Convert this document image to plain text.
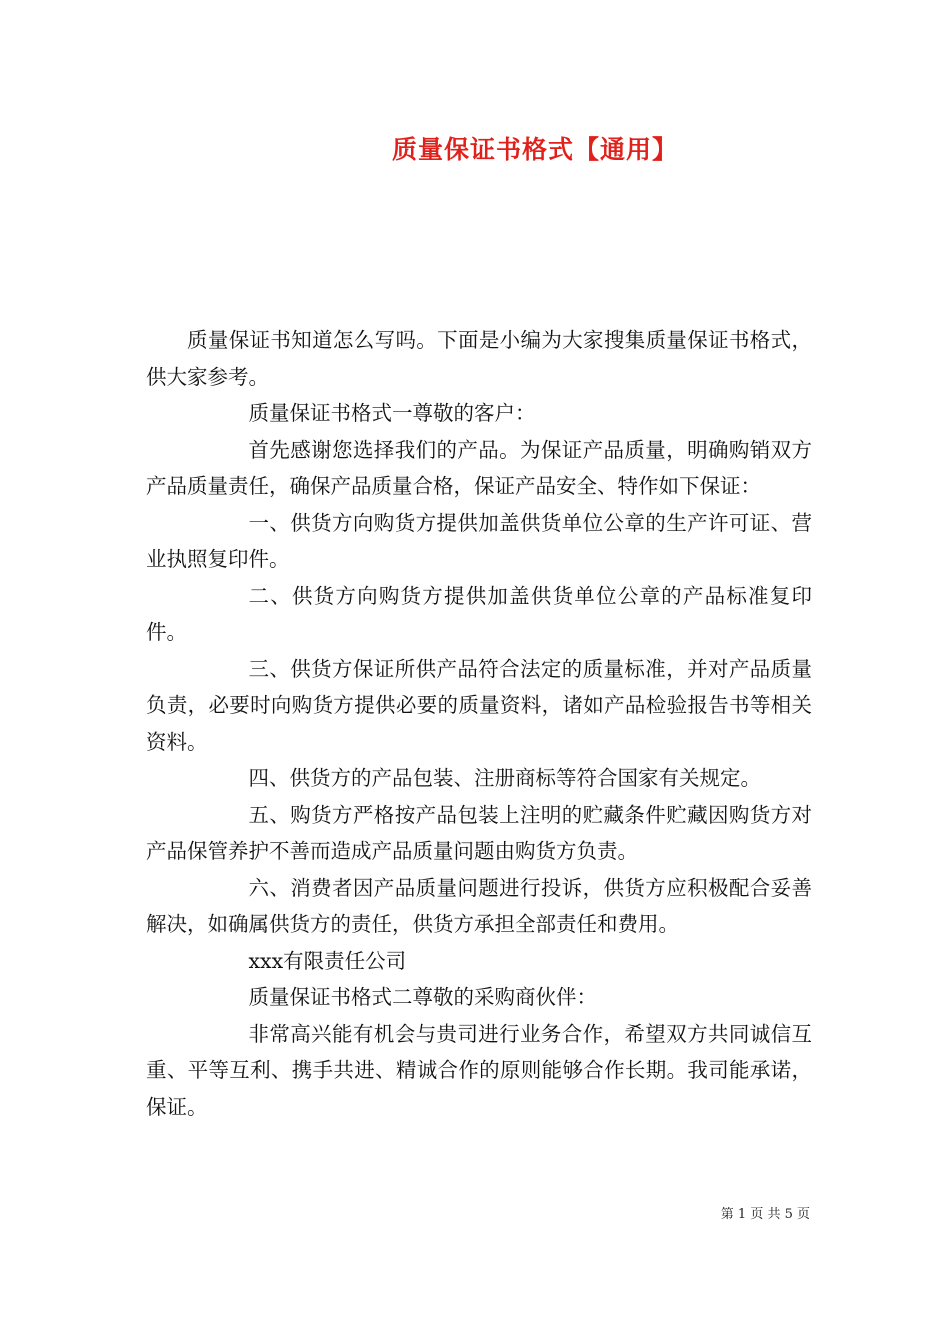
质量保证书格式【通用】

质量保证书知道怎么写吗。下面是小编为大家搜集质量保证书格式，供大家参考。

质量保证书格式一尊敬的客户：

首先感谢您选择我们的产品。为保证产品质量，明确购销双方产品质量责任，确保产品质量合格，保证产品安全、特作如下保证：

一、供货方向购货方提供加盖供货单位公章的生产许可证、营业执照复印件。

二、供货方向购货方提供加盖供货单位公章的产品标准复印件。

三、供货方保证所供产品符合法定的质量标准，并对产品质量负责，必要时向购货方提供必要的质量资料，诸如产品检验报告书等相关资料。

四、供货方的产品包装、注册商标等符合国家有关规定。

五、购货方严格按产品包装上注明的贮藏条件贮藏因购货方对产品保管养护不善而造成产品质量问题由购货方负责。

六、消费者因产品质量问题进行投诉，供货方应积极配合妥善解决，如确属供货方的责任，供货方承担全部责任和费用。

xxx有限责任公司

质量保证书格式二尊敬的采购商伙伴：

非常高兴能有机会与贵司进行业务合作，希望双方共同诚信互重、平等互利、携手共进、精诚合作的原则能够合作长期。我司能承诺，保证。

第 1 页 共 5 页
